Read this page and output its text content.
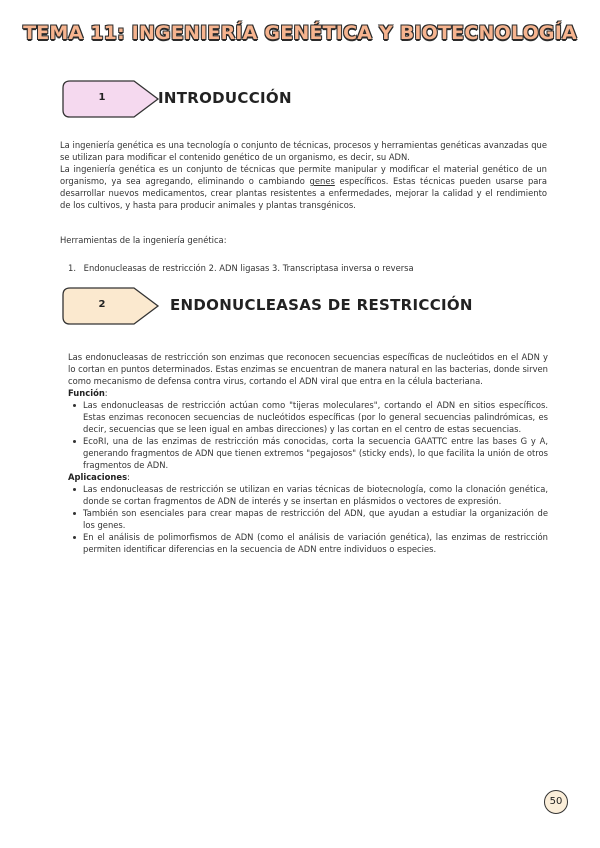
TEMA 11: INGENIERÍA GENÉTICA Y BIOTECNOLOGÍA
1	INTRODUCCIÓN

La ingeniería genética es una tecnología o conjunto de técnicas, procesos y herramientas genéticas avanzadas que se utilizan para modificar el contenido genético de un organismo, es decir, su ADN.

La ingeniería genética es un conjunto de técnicas que permite manipular y modificar el material genético de un organismo, ya sea agregando, eliminando o cambiando genes específicos. Estas técnicas pueden usarse para desarrollar nuevos medicamentos, crear plantas resistentes a enfermedades, mejorar la calidad y el rendimiento de los cultivos, y hasta para producir animales y plantas transgénicos.

Herramientas de la ingeniería genética:
1. Endonucleasas de restricción 2. ADN ligasas 3. Transcriptasa inversa o reversa
2	ENDONUCLEASAS DE RESTRICCIÓN

Las endonucleasas de restricción son enzimas que reconocen secuencias específicas de nucleótidos en el ADN y lo cortan en puntos determinados. Estas enzimas se encuentran de manera natural en las bacterias, donde sirven como mecanismo de defensa contra virus, cortando el ADN viral que entra en la célula bacteriana.

Función:

Las endonucleasas de restricción actúan como "tijeras moleculares", cortando el ADN en sitios específicos. Estas enzimas reconocen secuencias de nucleótidos específicas (por lo general secuencias palindrómicas, es decir, secuencias que se leen igual en ambas direcciones) y las cortan en el centro de estas secuencias.
EcoRI, una de las enzimas de restricción más conocidas, corta la secuencia GAATTC entre las bases G y A, generando fragmentos de ADN que tienen extremos "pegajosos" (sticky ends), lo que facilita la unión de otros fragmentos de ADN.

Aplicaciones:

Las endonucleasas de restricción se utilizan en varias técnicas de biotecnología, como la clonación genética, donde se cortan fragmentos de ADN de interés y se insertan en plásmidos o vectores de expresión.
También son esenciales para crear mapas de restricción del ADN, que ayudan a estudiar la organización de los genes.
En el análisis de polimorfismos de ADN (como el análisis de variación genética), las enzimas de restricción permiten identificar diferencias en la secuencia de ADN entre individuos o especies.
50
